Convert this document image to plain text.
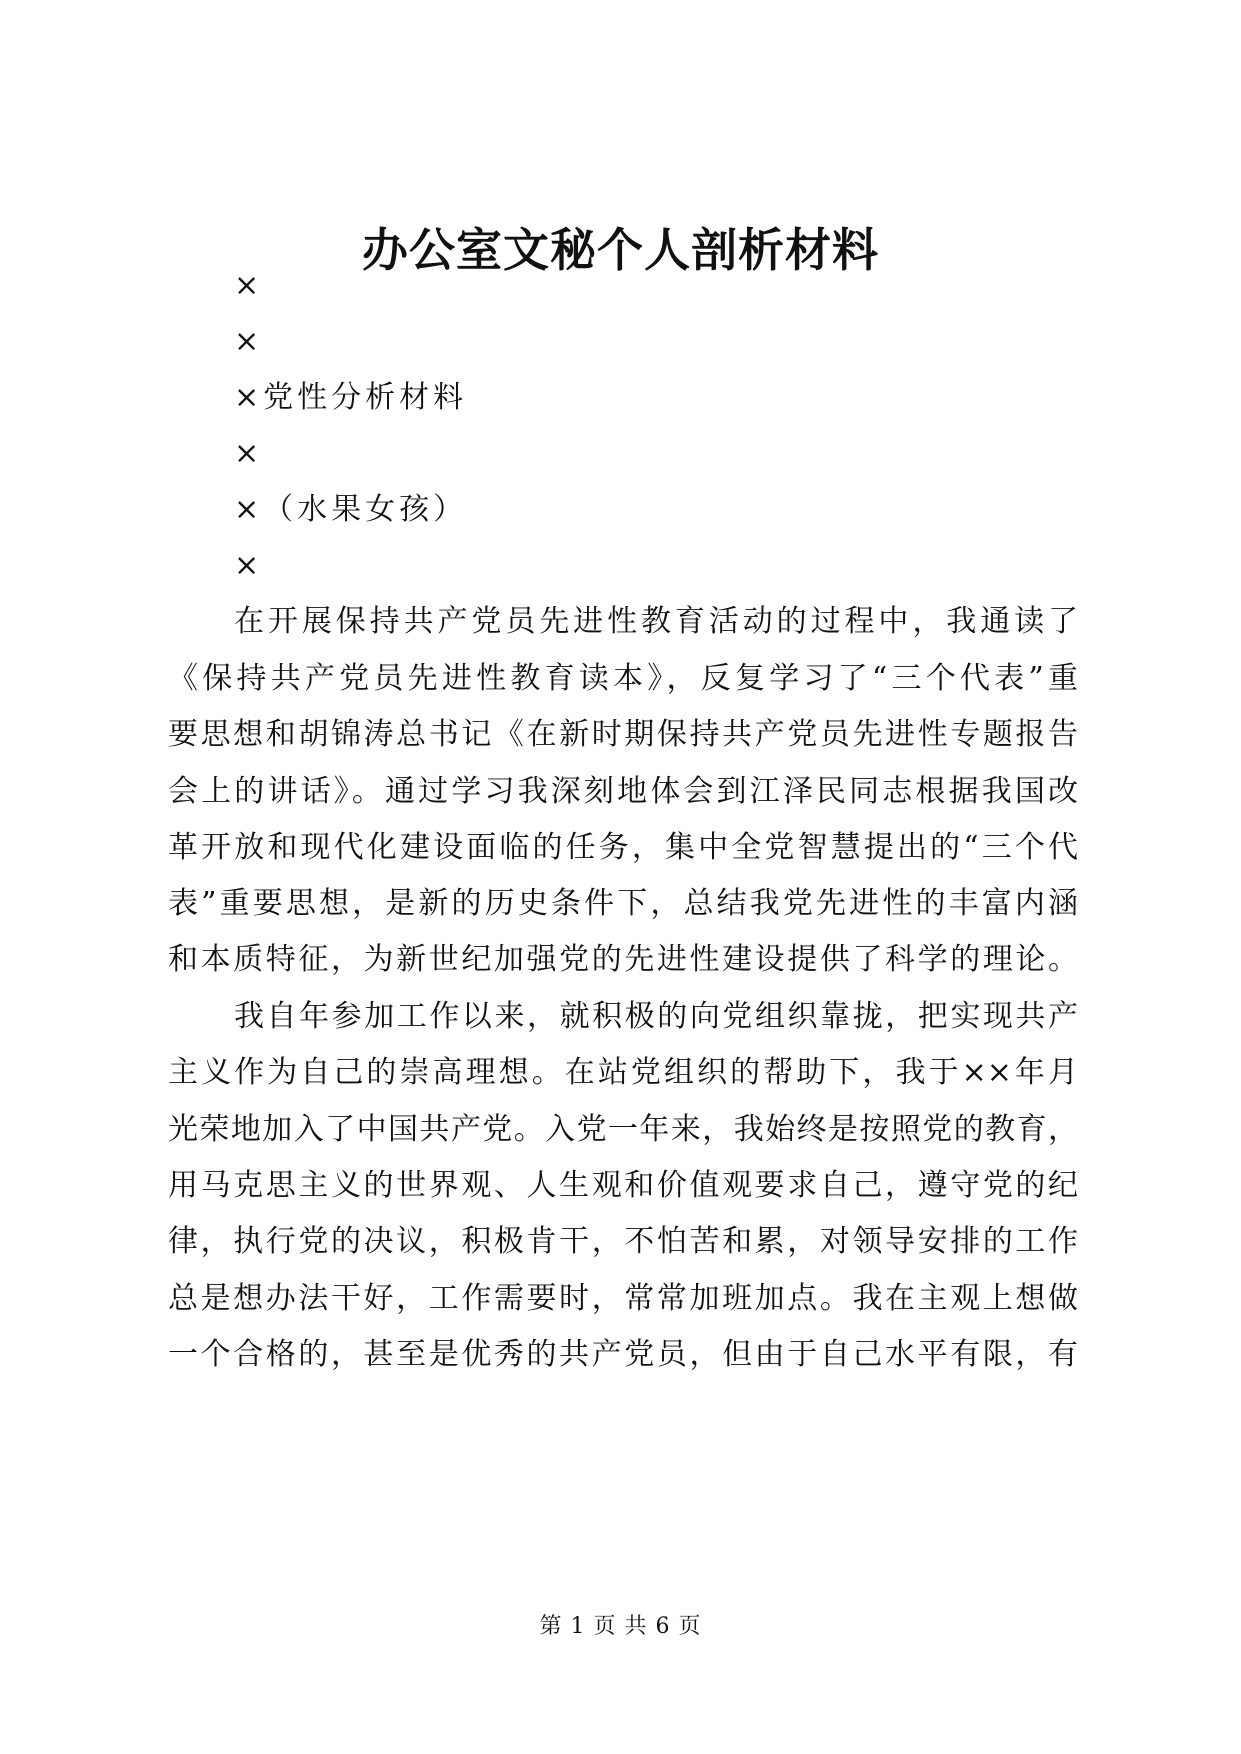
办公室文秘个人剖析材料
×
×
×党性分析材料
×
×（水果女孩）
×
在开展保持共产党员先进性教育活动的过程中，我通读了
《保持共产党员先进性教育读本》，反复学习了“三个代表”重
要思想和胡锦涛总书记《在新时期保持共产党员先进性专题报告
会上的讲话》。通过学习我深刻地体会到江泽民同志根据我国改
革开放和现代化建设面临的任务，集中全党智慧提出的“三个代
表”重要思想，是新的历史条件下，总结我党先进性的丰富内涵
和本质特征，为新世纪加强党的先进性建设提供了科学的理论。
我自年参加工作以来，就积极的向党组织靠拢，把实现共产
主义作为自己的崇高理想。在站党组织的帮助下，我于××年月
光荣地加入了中国共产党。入党一年来，我始终是按照党的教育，
用马克思主义的世界观、人生观和价值观要求自己，遵守党的纪
律，执行党的决议，积极肯干，不怕苦和累，对领导安排的工作
总是想办法干好，工作需要时，常常加班加点。我在主观上想做
一个合格的，甚至是优秀的共产党员，但由于自己水平有限，有
第 1 页 共 6 页
